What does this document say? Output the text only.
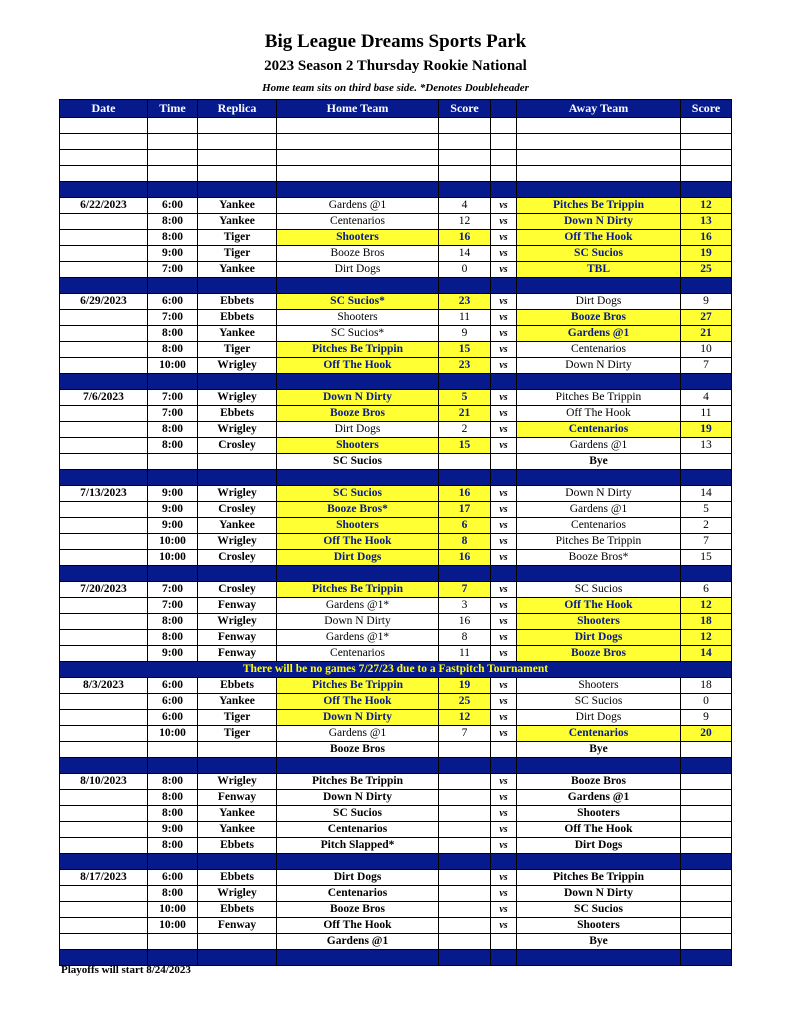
Big League Dreams Sports Park
2023 Season 2 Thursday Rookie National
Home team sits on third base side. *Denotes Doubleheader
Date	Time	Replica	Home Team	Score		Away Team	Score

6/22/2023	6:00	Yankee	Gardens @1	4	vs	Pitches Be Trippin	12
	8:00	Yankee	Centenarios	12	vs	Down N Dirty	13
	8:00	Tiger	Shooters	16	vs	Off The Hook	16
	9:00	Tiger	Booze Bros	14	vs	SC Sucios	19
	7:00	Yankee	Dirt Dogs	0	vs	TBL	25

6/29/2023	6:00	Ebbets	SC Sucios*	23	vs	Dirt Dogs	9
	7:00	Ebbets	Shooters	11	vs	Booze Bros	27
	8:00	Yankee	SC Sucios*	9	vs	Gardens @1	21
	8:00	Tiger	Pitches Be Trippin	15	vs	Centenarios	10
	10:00	Wrigley	Off The Hook	23	vs	Down N Dirty	7

7/6/2023	7:00	Wrigley	Down N Dirty	5	vs	Pitches Be Trippin	4
	7:00	Ebbets	Booze Bros	21	vs	Off The Hook	11
	8:00	Wrigley	Dirt Dogs	2	vs	Centenarios	19
	8:00	Crosley	Shooters	15	vs	Gardens @1	13
			SC Sucios			Bye	

7/13/2023	9:00	Wrigley	SC Sucios	16	vs	Down N Dirty	14
	9:00	Crosley	Booze Bros*	17	vs	Gardens @1	5
	9:00	Yankee	Shooters	6	vs	Centenarios	2
	10:00	Wrigley	Off The Hook	8	vs	Pitches Be Trippin	7
	10:00	Crosley	Dirt Dogs	16	vs	Booze Bros*	15

7/20/2023	7:00	Crosley	Pitches Be Trippin	7	vs	SC Sucios	6
	7:00	Fenway	Gardens @1*	3	vs	Off The Hook	12
	8:00	Wrigley	Down N Dirty	16	vs	Shooters	18
	8:00	Fenway	Gardens @1*	8	vs	Dirt Dogs	12
	9:00	Fenway	Centenarios	11	vs	Booze Bros	14
There will be no games 7/27/23 due to a Fastpitch Tournament							
8/3/2023	6:00	Ebbets	Pitches Be Trippin	19	vs	Shooters	18
	6:00	Yankee	Off The Hook	25	vs	SC Sucios	0
	6:00	Tiger	Down N Dirty	12	vs	Dirt Dogs	9
	10:00	Tiger	Gardens @1	7	vs	Centenarios	20
			Booze Bros			Bye	

8/10/2023	8:00	Wrigley	Pitches Be Trippin		vs	Booze Bros	
	8:00	Fenway	Down N Dirty		vs	Gardens @1	
	8:00	Yankee	SC Sucios		vs	Shooters	
	9:00	Yankee	Centenarios		vs	Off The Hook	
	8:00	Ebbets	Pitch Slapped*		vs	Dirt Dogs	

8/17/2023	6:00	Ebbets	Dirt Dogs		vs	Pitches Be Trippin	
	8:00	Wrigley	Centenarios		vs	Down N Dirty	
	10:00	Ebbets	Booze Bros		vs	SC Sucios	
	10:00	Fenway	Off The Hook		vs	Shooters	
			Gardens @1			Bye	

Playoffs will start 8/24/2023
